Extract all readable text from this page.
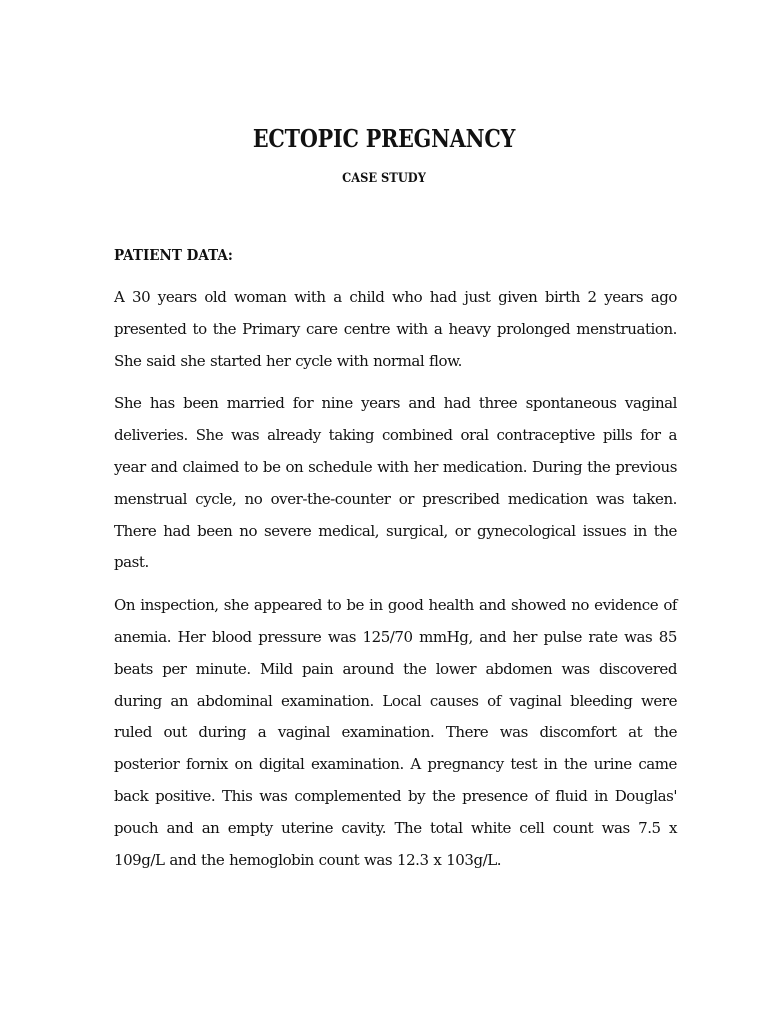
ECTOPIC PREGNANCY
CASE STUDY
PATIENT DATA:

A 30 years old woman with a child who had just given birth 2 years ago presented to the Primary care centre with a heavy prolonged menstruation. She said she started her cycle with normal flow.

She has been married for nine years and had three spontaneous vaginal deliveries. She was already taking combined oral contraceptive pills for a year and claimed to be on schedule with her medication. During the previous menstrual cycle, no over-the-counter or prescribed medication was taken. There had been no severe medical, surgical, or gynecological issues in the past.

On inspection, she appeared to be in good health and showed no evidence of anemia. Her blood pressure was 125/70 mmHg, and her pulse rate was 85 beats per minute. Mild pain around the lower abdomen was discovered during an abdominal examination. Local causes of vaginal bleeding were ruled out during a vaginal examination. There was discomfort at the posterior fornix on digital examination. A pregnancy test in the urine came back positive. This was complemented by the presence of fluid in Douglas' pouch and an empty uterine cavity. The total white cell count was 7.5 x 109g/L and the hemoglobin count was 12.3 x 103g/L.
